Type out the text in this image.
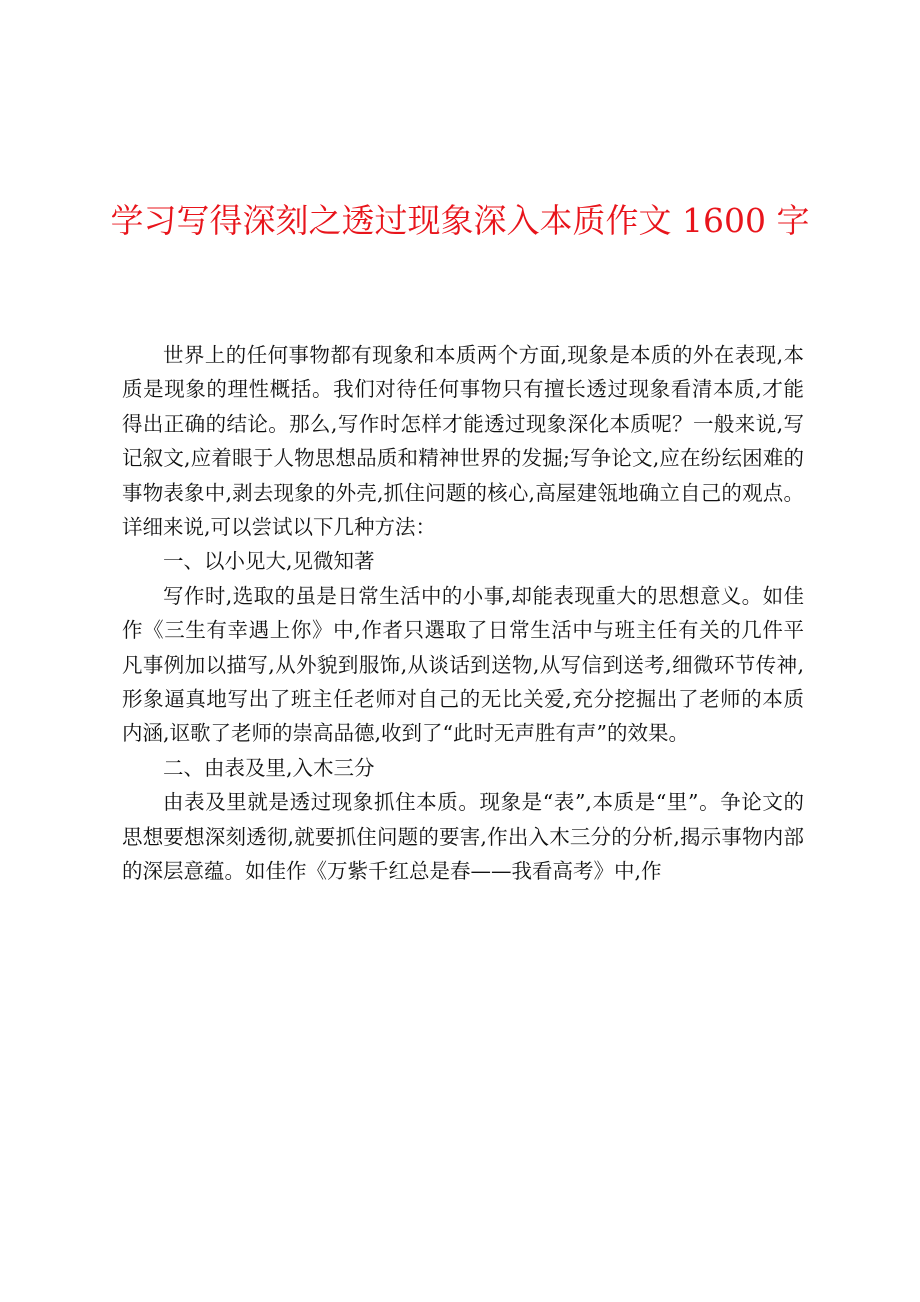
学习写得深刻之透过现象深入本质作文 1600 字

世界上的任何事物都有现象和本质两个方面,现象是本质的外在表现,本质是现象的理性概括。我们对待任何事物只有擅长透过现象看清本质,才能得出正确的结论。那么,写作时怎样才能透过现象深化本质呢？一般来说,写记叙文,应着眼于人物思想品质和精神世界的发掘;写争论文,应在纷纭困难的事物表象中,剥去现象的外壳,抓住问题的核心,高屋建瓴地确立自己的观点。详细来说,可以尝试以下几种方法：

一、以小见大,见微知著

写作时,选取的虽是日常生活中的小事,却能表现重大的思想意义。如佳作《三生有幸遇上你》中,作者只選取了日常生活中与班主任有关的几件平凡事例加以描写,从外貌到服饰,从谈话到送物,从写信到送考,细微环节传神,形象逼真地写出了班主任老师对自己的无比关爱,充分挖掘出了老师的本质内涵,讴歌了老师的崇高品德,收到了“此时无声胜有声”的效果。

二、由表及里,入木三分

由表及里就是透过现象抓住本质。现象是“表”,本质是“里”。争论文的思想要想深刻透彻,就要抓住问题的要害,作出入木三分的分析,揭示事物内部的深层意蕴。如佳作《万紫千红总是春——我看高考》中,作
